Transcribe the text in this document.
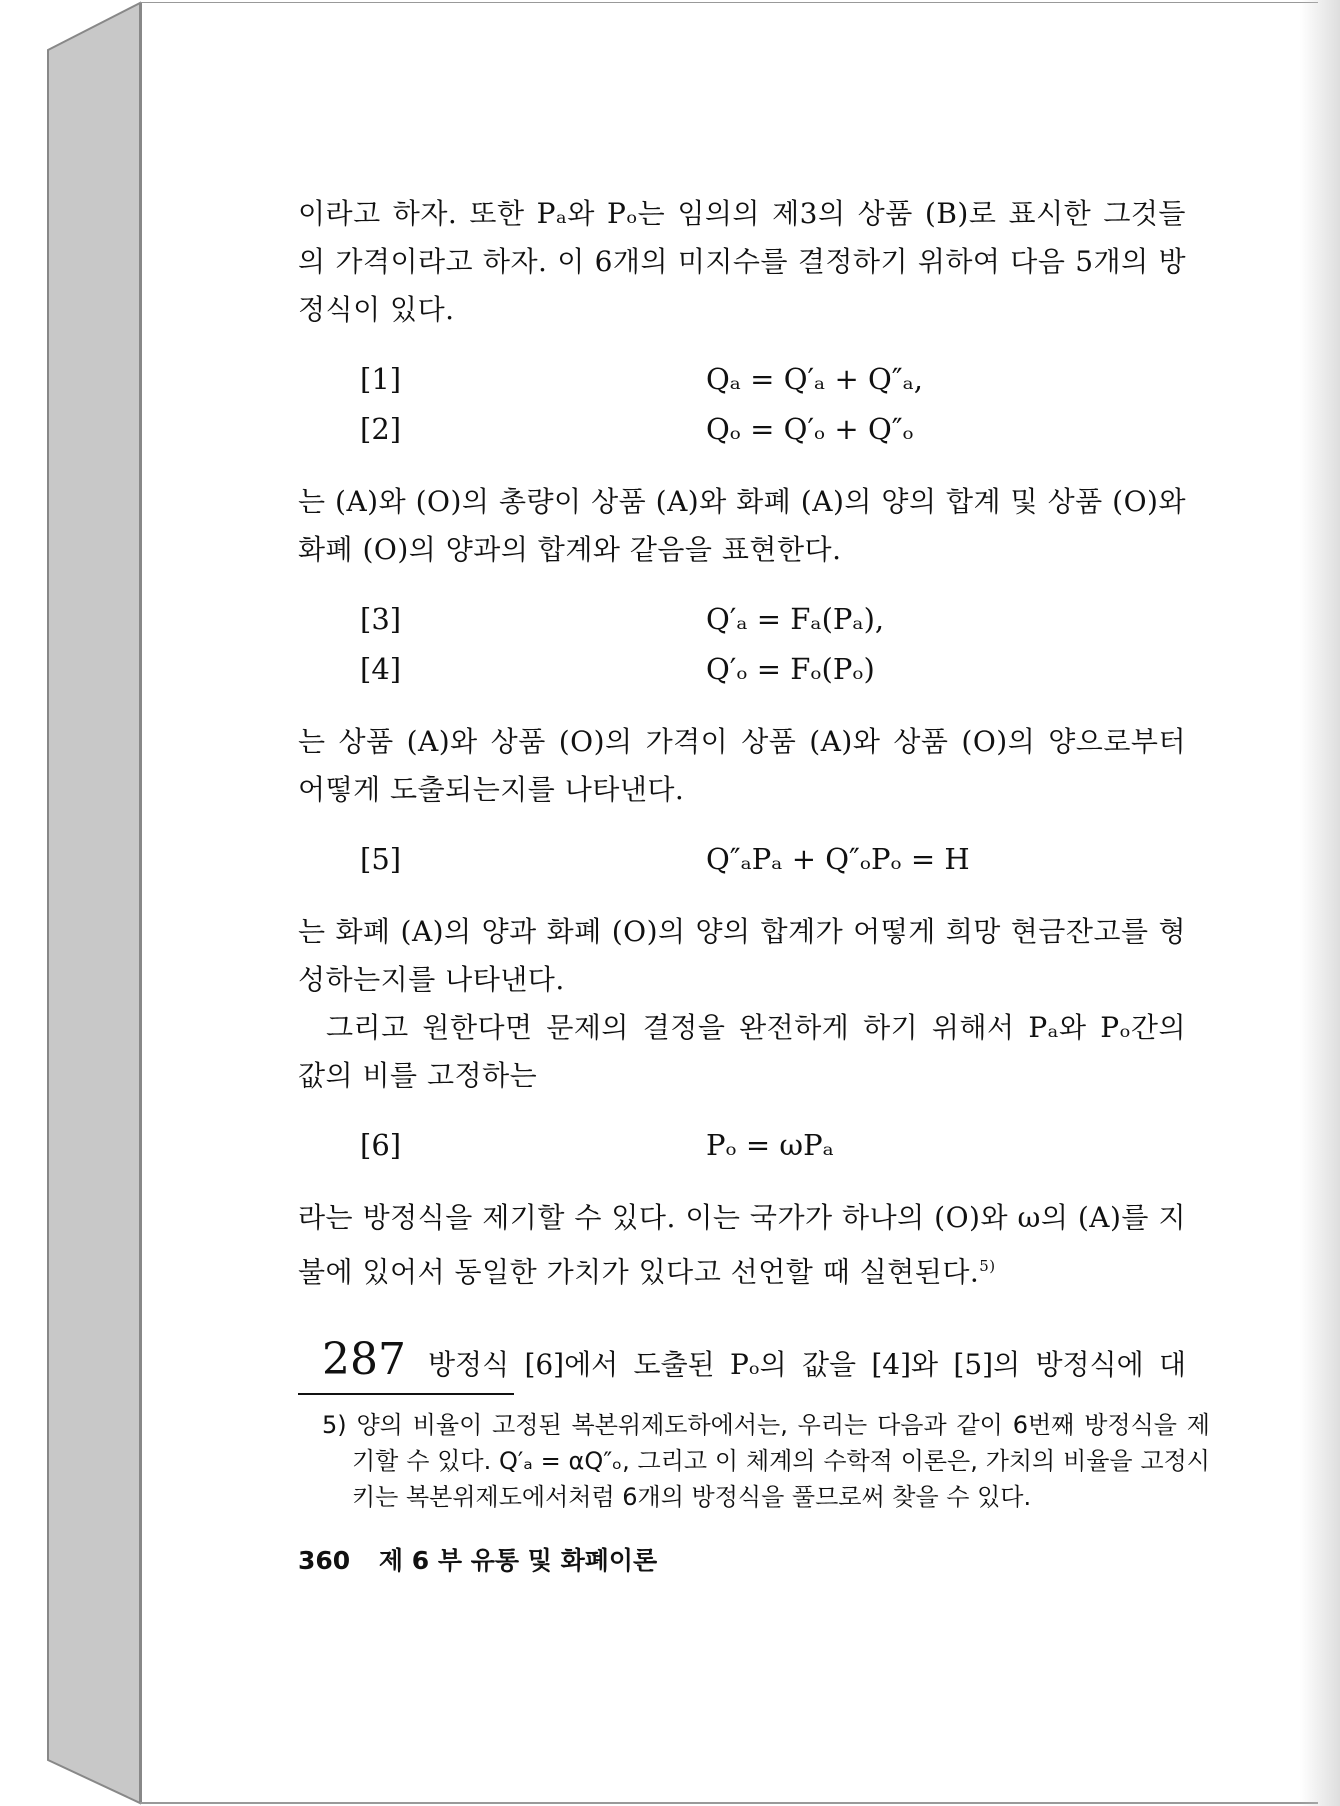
이라고 하자. 또한 Pₐ와 Pₒ는 임의의 제3의 상품 (B)로 표시한 그것들의 가격이라고 하자. 이 6개의 미지수를 결정하기 위하여 다음 5개의 방정식이 있다.

[1]	Qₐ = Q′ₐ + Q″ₐ,
[2]	Qₒ = Q′ₒ + Q″ₒ

는 (A)와 (O)의 총량이 상품 (A)와 화폐 (A)의 양의 합계 및 상품 (O)와 화폐 (O)의 양과의 합계와 같음을 표현한다.

[3]	Q′ₐ = Fₐ(Pₐ),
[4]	Q′ₒ = Fₒ(Pₒ)

는 상품 (A)와 상품 (O)의 가격이 상품 (A)와 상품 (O)의 양으로부터 어떻게 도출되는지를 나타낸다.

[5]	Q″ₐPₐ + Q″ₒPₒ = H

는 화폐 (A)의 양과 화폐 (O)의 양의 합계가 어떻게 희망 현금잔고를 형성하는지를 나타낸다.

그리고 원한다면 문제의 결정을 완전하게 하기 위해서 Pₐ와 Pₒ간의 값의 비를 고정하는

[6]	Pₒ = ωPₐ

라는 방정식을 제기할 수 있다. 이는 국가가 하나의 (O)와 ω의 (A)를 지불에 있어서 동일한 가치가 있다고 선언할 때 실현된다.$^{5)}$

287 방정식 [6]에서 도출된 Pₒ의 값을 [4]와 [5]의 방정식에 대
5) 양의 비율이 고정된 복본위제도하에서는, 우리는 다음과 같이 6번째 방정식을 제기할 수 있다. Q′ₐ = αQ″ₒ, 그리고 이 체계의 수학적 이론은, 가치의 비율을 고정시키는 복본위제도에서처럼 6개의 방정식을 풀므로써 찾을 수 있다.
360 제 6 부 유통 및 화폐이론
